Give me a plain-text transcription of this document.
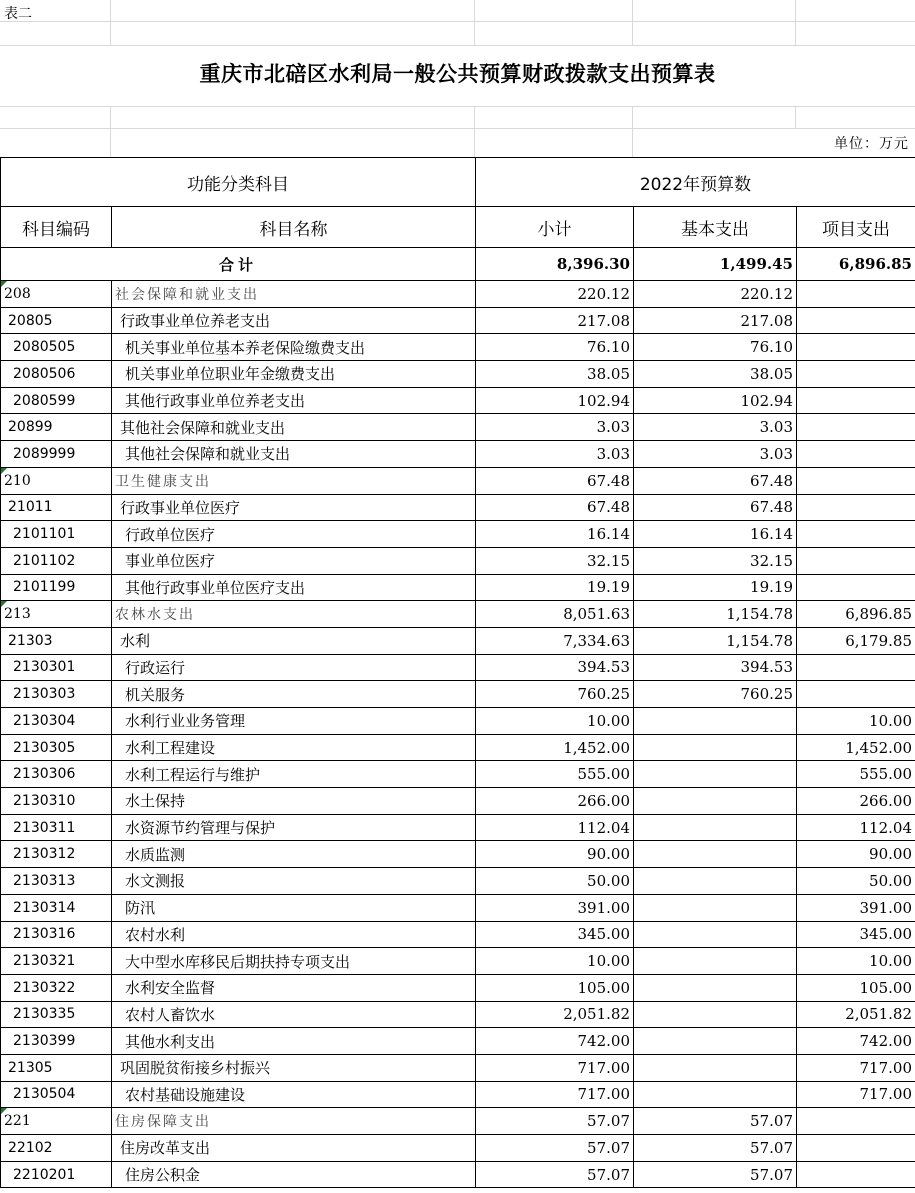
表二
重庆市北碚区水利局一般公共预算财政拨款支出预算表
单位：万元
功能分类科目		2022年预算数		
科目编码	科目名称	小计	基本支出	项目支出
合计		8,396.30	1,499.45	6,896.85

208	社会保障和就业支出	220.12	220.12	
20805	行政事业单位养老支出	217.08	217.08	
2080505	机关事业单位基本养老保险缴费支出	76.10	76.10	
2080506	机关事业单位职业年金缴费支出	38.05	38.05	
2080599	其他行政事业单位养老支出	102.94	102.94	
20899	其他社会保障和就业支出	3.03	3.03	
2089999	其他社会保障和就业支出	3.03	3.03	

210	卫生健康支出	67.48	67.48	
21011	行政事业单位医疗	67.48	67.48	
2101101	行政单位医疗	16.14	16.14	
2101102	事业单位医疗	32.15	32.15	
2101199	其他行政事业单位医疗支出	19.19	19.19	

213	农林水支出	8,051.63	1,154.78	6,896.85
21303	水利	7,334.63	1,154.78	6,179.85
2130301	行政运行	394.53	394.53	
2130303	机关服务	760.25	760.25	
2130304	水利行业业务管理	10.00		10.00
2130305	水利工程建设	1,452.00		1,452.00
2130306	水利工程运行与维护	555.00		555.00
2130310	水土保持	266.00		266.00
2130311	水资源节约管理与保护	112.04		112.04
2130312	水质监测	90.00		90.00
2130313	水文测报	50.00		50.00
2130314	防汛	391.00		391.00
2130316	农村水利	345.00		345.00
2130321	大中型水库移民后期扶持专项支出	10.00		10.00
2130322	水利安全监督	105.00		105.00
2130335	农村人畜饮水	2,051.82		2,051.82
2130399	其他水利支出	742.00		742.00
21305	巩固脱贫衔接乡村振兴	717.00		717.00
2130504	农村基础设施建设	717.00		717.00

221	住房保障支出	57.07	57.07	
22102	住房改革支出	57.07	57.07	
2210201	住房公积金	57.07	57.07	
